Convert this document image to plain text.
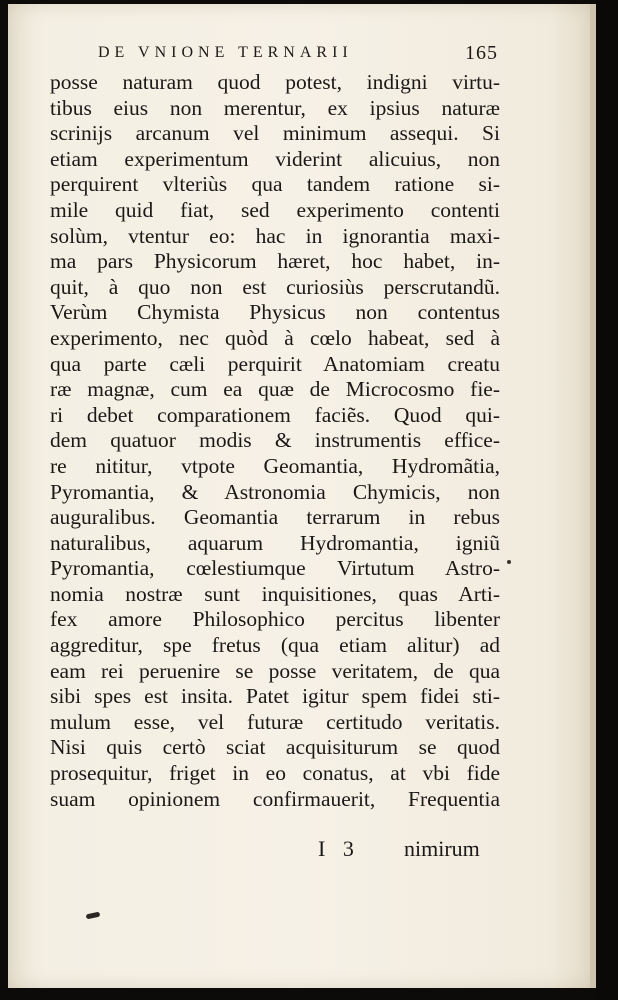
DE VNIONE TERNARII	165
posse naturam quod potest, indigni virtu-
tibus eius non merentur, ex ipsius naturæ
scrinijs arcanum vel minimum assequi. Si
etiam experimentum viderint alicuius, non
perquirent vlteriùs qua tandem ratione si-
mile quid fiat, sed experimento contenti
solùm, vtentur eo: hac in ignorantia maxi-
ma pars Physicorum hæret, hoc habet, in-
quit, à quo non est curiosiùs perscrutandũ.
Verùm Chymista Physicus non contentus
experimento, nec quòd à cœlo habeat, sed à
qua parte cæli perquirit Anatomiam creatu
ræ magnæ, cum ea quæ de Microcosmo fie-
ri debet comparationem faciẽs. Quod qui-
dem quatuor modis & instrumentis effice-
re nititur, vtpote Geomantia, Hydromãtia,
Pyromantia, & Astronomia Chymicis, non
auguralibus. Geomantia terrarum in rebus
naturalibus, aquarum Hydromantia, igniũ
Pyromantia, cœlestiumque Virtutum Astro-
nomia nostræ sunt inquisitiones, quas Arti-
fex amore Philosophico percitus libenter
aggreditur, spe fretus (qua etiam alitur) ad
eam rei peruenire se posse veritatem, de qua
sibi spes est insita. Patet igitur spem fidei sti-
mulum esse, vel futuræ certitudo veritatis.
Nisi quis certò sciat acquisiturum se quod
prosequitur, friget in eo conatus, at vbi fide
suam opinionem confirmauerit, Frequentia
I 3 nimirum
